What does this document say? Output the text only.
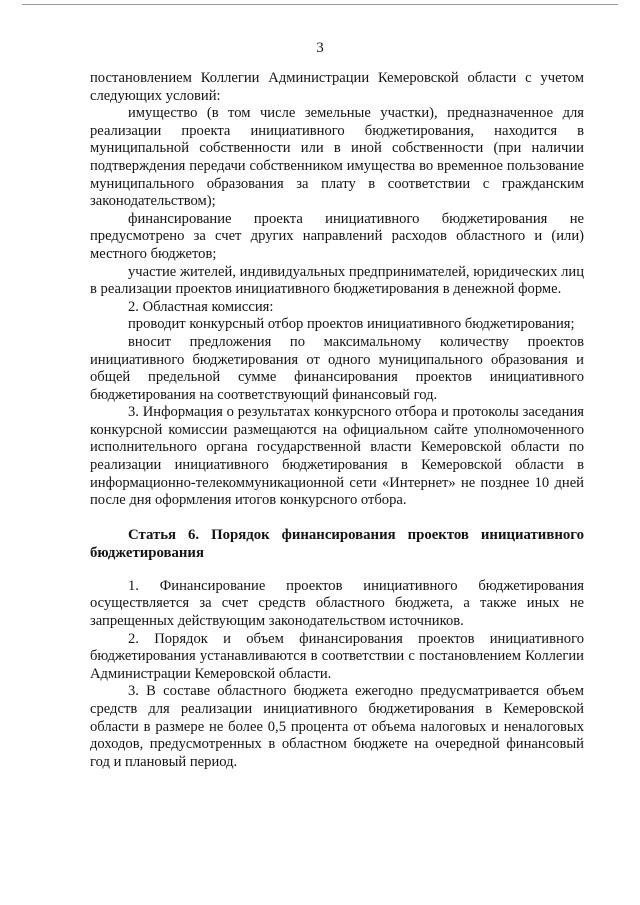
3

постановлением Коллегии Администрации Кемеровской области с учетом следующих условий:

имущество (в том числе земельные участки), предназначенное для реализации проекта инициативного бюджетирования, находится в муниципальной собственности или в иной собственности (при наличии подтверждения передачи собственником имущества во временное пользование муниципального образования за плату в соответствии с гражданским законодательством);

финансирование проекта инициативного бюджетирования не предусмотрено за счет других направлений расходов областного и (или) местного бюджетов;

участие жителей, индивидуальных предпринимателей, юридических лиц в реализации проектов инициативного бюджетирования в денежной форме.

2. Областная комиссия:

проводит конкурсный отбор проектов инициативного бюджетирования;

вносит предложения по максимальному количеству проектов инициативного бюджетирования от одного муниципального образования и общей предельной сумме финансирования проектов инициативного бюджетирования на соответствующий финансовый год.

3. Информация о результатах конкурсного отбора и протоколы заседания конкурсной комиссии размещаются на официальном сайте уполномоченного исполнительного органа государственной власти Кемеровской области по реализации инициативного бюджетирования в Кемеровской области в информационно-телекоммуникационной сети «Интернет» не позднее 10 дней после дня оформления итогов конкурсного отбора.

Статья 6. Порядок финансирования проектов инициативного бюджетирования

1. Финансирование проектов инициативного бюджетирования осуществляется за счет средств областного бюджета, а также иных не запрещенных действующим законодательством источников.

2. Порядок и объем финансирования проектов инициативного бюджетирования устанавливаются в соответствии с постановлением Коллегии Администрации Кемеровской области.

3. В составе областного бюджета ежегодно предусматривается объем средств для реализации инициативного бюджетирования в Кемеровской области в размере не более 0,5 процента от объема налоговых и неналоговых доходов, предусмотренных в областном бюджете на очередной финансовый год и плановый период.
